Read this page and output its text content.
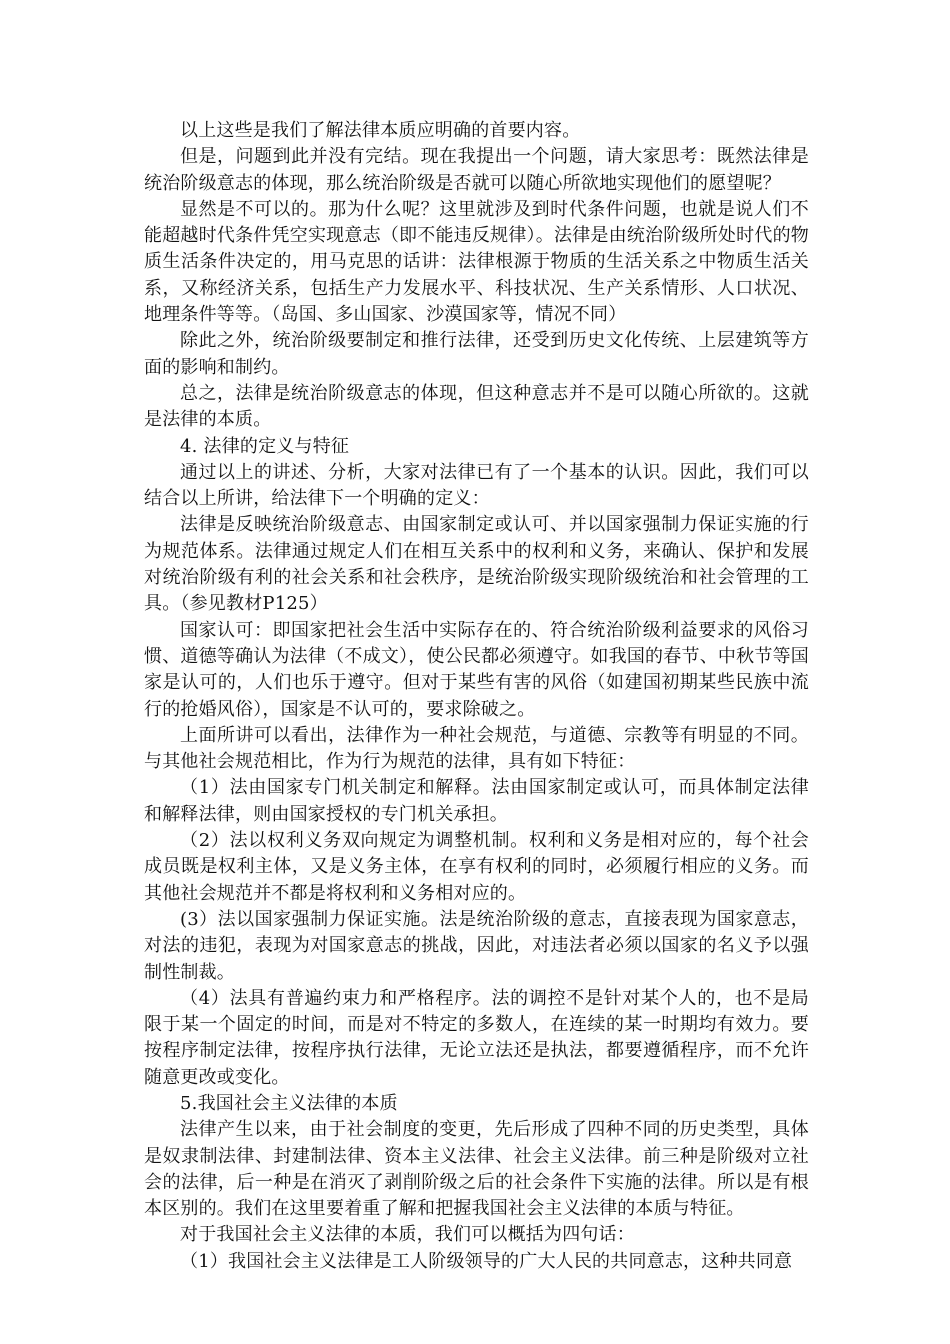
以上这些是我们了解法律本质应明确的首要内容。

但是，问题到此并没有完结。现在我提出一个问题，请大家思考：既然法律是统治阶级意志的体现，那么统治阶级是否就可以随心所欲地实现他们的愿望呢？

显然是不可以的。那为什么呢？这里就涉及到时代条件问题，也就是说人们不能超越时代条件凭空实现意志（即不能违反规律）。法律是由统治阶级所处时代的物质生活条件决定的，用马克思的话讲：法律根源于物质的生活关系之中物质生活关系，又称经济关系，包括生产力发展水平、科技状况、生产关系情形、人口状况、地理条件等等。（岛国、多山国家、沙漠国家等，情况不同）

除此之外，统治阶级要制定和推行法律，还受到历史文化传统、上层建筑等方面的影响和制约。

总之，法律是统治阶级意志的体现，但这种意志并不是可以随心所欲的。这就是法律的本质。

4. 法律的定义与特征

通过以上的讲述、分析，大家对法律已有了一个基本的认识。因此，我们可以结合以上所讲，给法律下一个明确的定义：

法律是反映统治阶级意志、由国家制定或认可、并以国家强制力保证实施的行为规范体系。法律通过规定人们在相互关系中的权利和义务，来确认、保护和发展对统治阶级有利的社会关系和社会秩序，是统治阶级实现阶级统治和社会管理的工具。（参见教材P125）

国家认可：即国家把社会生活中实际存在的、符合统治阶级利益要求的风俗习惯、道德等确认为法律（不成文），使公民都必须遵守。如我国的春节、中秋节等国家是认可的，人们也乐于遵守。但对于某些有害的风俗（如建国初期某些民族中流行的抢婚风俗），国家是不认可的，要求除破之。

上面所讲可以看出，法律作为一种社会规范，与道德、宗教等有明显的不同。与其他社会规范相比，作为行为规范的法律，具有如下特征：

（1）法由国家专门机关制定和解释。法由国家制定或认可，而具体制定法律和解释法律，则由国家授权的专门机关承担。

（2）法以权利义务双向规定为调整机制。权利和义务是相对应的，每个社会成员既是权利主体，又是义务主体，在享有权利的同时，必须履行相应的义务。而其他社会规范并不都是将权利和义务相对应的。

(3）法以国家强制力保证实施。法是统治阶级的意志，直接表现为国家意志，对法的违犯，表现为对国家意志的挑战，因此，对违法者必须以国家的名义予以强制性制裁。

（4）法具有普遍约束力和严格程序。法的调控不是针对某个人的，也不是局限于某一个固定的时间，而是对不特定的多数人，在连续的某一时期均有效力。要按程序制定法律，按程序执行法律，无论立法还是执法，都要遵循程序，而不允许随意更改或变化。

5.我国社会主义法律的本质

法律产生以来，由于社会制度的变更，先后形成了四种不同的历史类型，具体是奴隶制法律、封建制法律、资本主义法律、社会主义法律。前三种是阶级对立社会的法律，后一种是在消灭了剥削阶级之后的社会条件下实施的法律。所以是有根本区别的。我们在这里要着重了解和把握我国社会主义法律的本质与特征。

对于我国社会主义法律的本质，我们可以概括为四句话：

（1）我国社会主义法律是工人阶级领导的广大人民的共同意志，这种共同意
